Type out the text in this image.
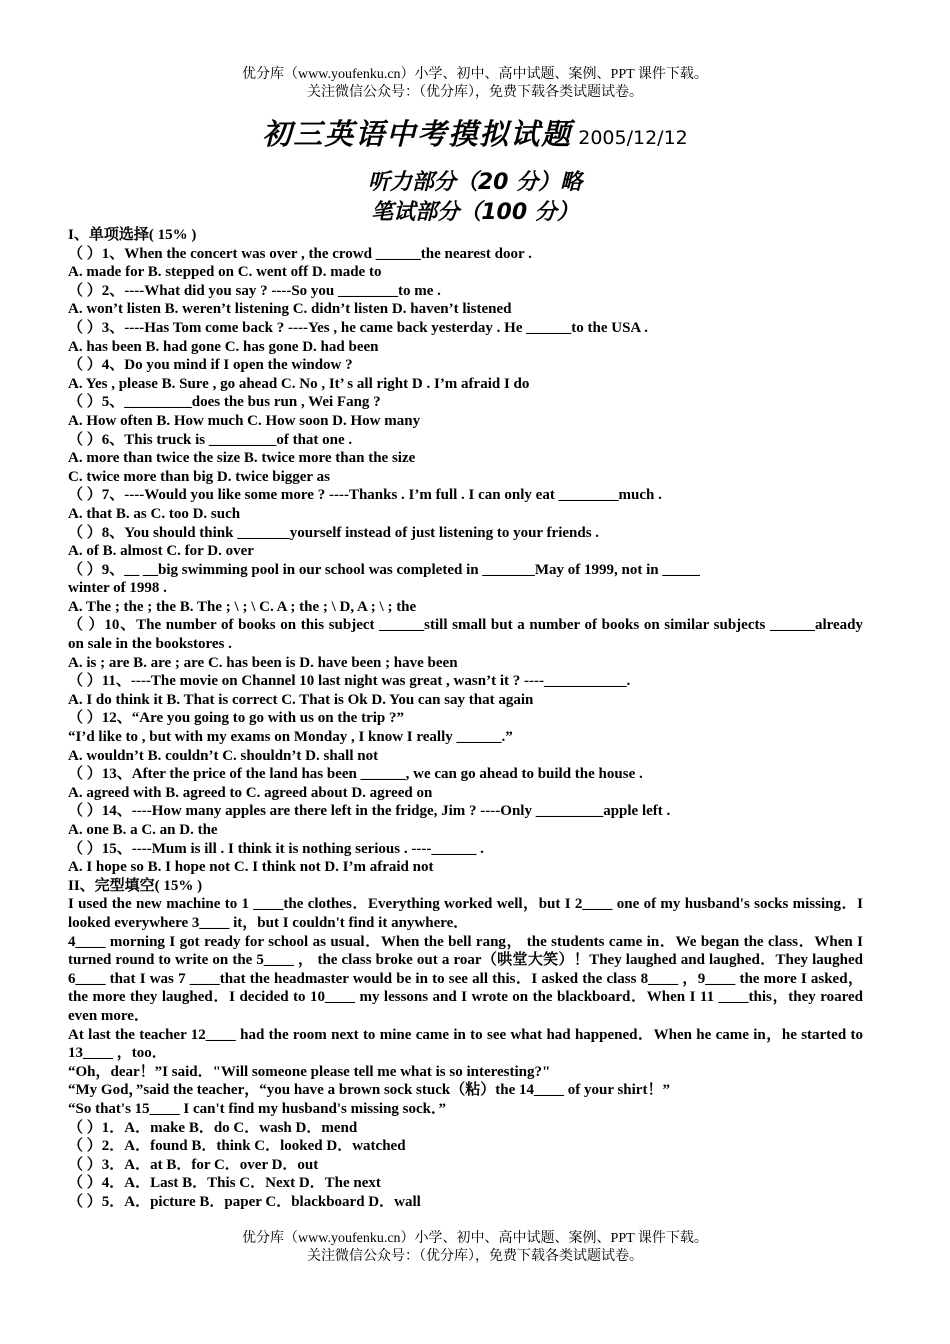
优分库（www.youfenku.cn）小学、初中、高中试题、案例、PPT 课件下载。
关注微信公众号：（优分库），免费下载各类试题试卷。
初三英语中考摸拟试题 2005/12/12
听力部分（20 分）略
笔试部分（100 分）
I、单项选择( 15% )
（ ）1、When the concert was over , the crowd ______the nearest door .
A. made for B. stepped on C. went off D. made to
（ ）2、----What did you say ? ----So you ________to me .
A. won’t listen B. weren’t listening C. didn’t listen D. haven’t listened
（ ）3、----Has Tom come back ? ----Yes , he came back yesterday . He ______to the USA .
A. has been B. had gone C. has gone D. had been
（ ）4、Do you mind if I open the window ?
A. Yes , please B. Sure , go ahead C. No , It’ s all right D . I’m afraid I do
（ ）5、_________does the bus run , Wei Fang ?
A. How often B. How much C. How soon D. How many
（ ）6、This truck is _________of that one .
A. more than twice the size B. twice more than the size
C. twice more than big D. twice bigger as
（ ）7、----Would you like some more ? ----Thanks . I’m full . I can only eat ________much .
A. that B. as C. too D. such
（ ）8、You should think _______yourself instead of just listening to your friends .
A. of B. almost C. for D. over
（ ）9、__ __big swimming pool in our school was completed in _______May of 1999, not in _____
winter of 1998 .
A. The ; the ; the B. The ; \ ; \ C. A ; the ; \ D, A ; \ ; the
（ ）10、The number of books on this subject ______still small but a number of books on similar subjects ______already on sale in the bookstores .
A. is ; are B. are ; are C. has been is D. have been ; have been
（ ）11、----The movie on Channel 10 last night was great , wasn’t it ? ----___________.
A. I do think it B. That is correct C. That is Ok D. You can say that again
（ ）12、“Are you going to go with us on the trip ?”
“I’d like to , but with my exams on Monday , I know I really ______.”
A. wouldn’t B. couldn’t C. shouldn’t D. shall not
（ ）13、After the price of the land has been ______, we can go ahead to build the house .
A. agreed with B. agreed to C. agreed about D. agreed on
（ ）14、----How many apples are there left in the fridge, Jim ? ----Only _________apple left .
A. one B. a C. an D. the
（ ）15、----Mum is ill . I think it is nothing serious . ----______ .
A. I hope so B. I hope not C. I think not D. I’m afraid not
II、完型填空( 15% )
I used the new machine to 1 ____the clothes．Everything worked well，but I 2____ one of my husband's socks missing．I looked everywhere 3____ it，but I couldn't find it anywhere．
4____ morning I got ready for school as usual．When the bell rang， the students came in．We began the class．When I turned round to write on the 5____ ， the class broke out a roar（哄堂大笑）！They laughed and laughed．They laughed 6____ that I was 7 ____that the headmaster would be in to see all this．I asked the class 8____ ，9____ the more I asked，the more they laughed．I decided to 10____ my lessons and I wrote on the blackboard．When I 11 ____this，they roared even more．
At last the teacher 12____ had the room next to mine came in to see what had happened．When he came in，he started to 13____ ，too．
“Oh，dear！”I said．"Will someone please tell me what is so interesting?"
“My God，”said the teacher，“you have a brown sock stuck（粘）the 14____ of your shirt！”
“So that's 15____ I can't find my husband's missing sock．”
（ ）1．A．make B．do C．wash D．mend
（ ）2．A．found B．think C．looked D．watched
（ ）3．A．at B．for C．over D．out
（ ）4．A．Last B．This C．Next D．The next
（ ）5．A．picture B．paper C．blackboard D．wall
优分库（www.youfenku.cn）小学、初中、高中试题、案例、PPT 课件下载。
关注微信公众号：（优分库），免费下载各类试题试卷。
